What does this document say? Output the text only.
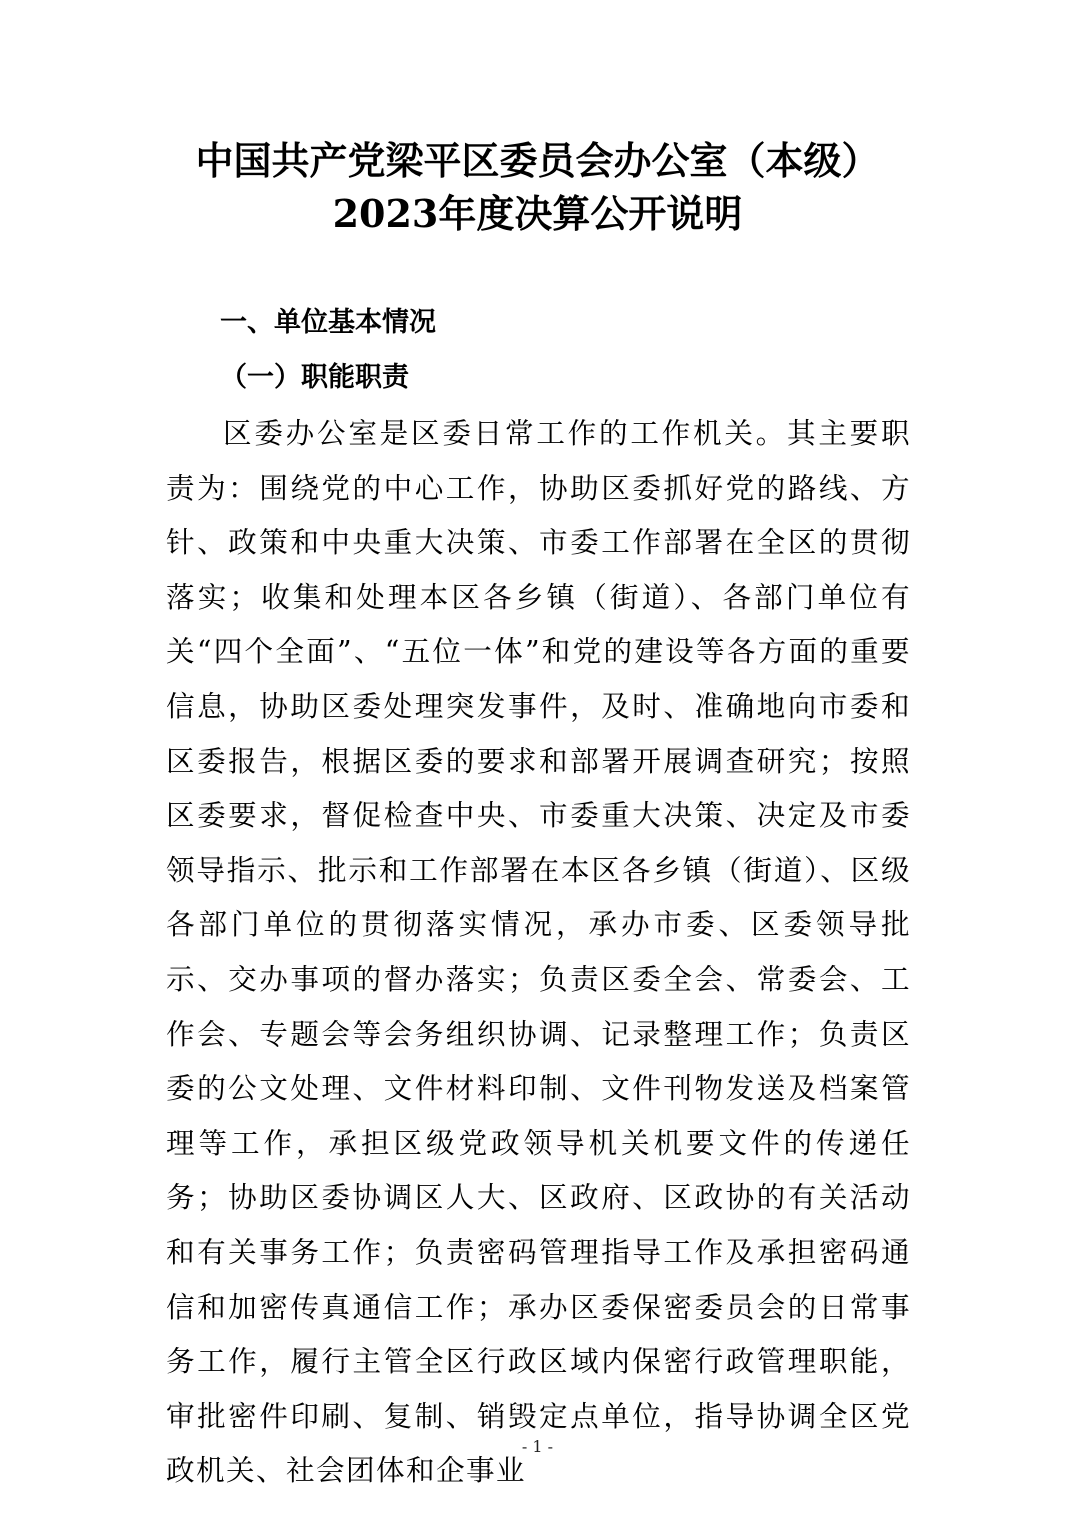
中国共产党梁平区委员会办公室（本级）
2023年度决算公开说明
一、单位基本情况
（一）职能职责

区委办公室是区委日常工作的工作机关。其主要职责为：围绕党的中心工作，协助区委抓好党的路线、方针、政策和中央重大决策、市委工作部署在全区的贯彻落实；收集和处理本区各乡镇（街道）、各部门单位有关“四个全面”、“五位一体”和党的建设等各方面的重要信息，协助区委处理突发事件，及时、准确地向市委和区委报告，根据区委的要求和部署开展调查研究；按照区委要求，督促检查中央、市委重大决策、决定及市委领导指示、批示和工作部署在本区各乡镇（街道）、区级各部门单位的贯彻落实情况，承办市委、区委领导批示、交办事项的督办落实；负责区委全会、常委会、工作会、专题会等会务组织协调、记录整理工作；负责区委的公文处理、文件材料印制、文件刊物发送及档案管理等工作，承担区级党政领导机关机要文件的传递任务；协助区委协调区人大、区政府、区政协的有关活动和有关事务工作；负责密码管理指导工作及承担密码通信和加密传真通信工作；承办区委保密委员会的日常事务工作，履行主管全区行政区域内保密行政管理职能，审批密件印刷、复制、销毁定点单位，指导协调全区党政机关、社会团体和企事业

- 1 -
